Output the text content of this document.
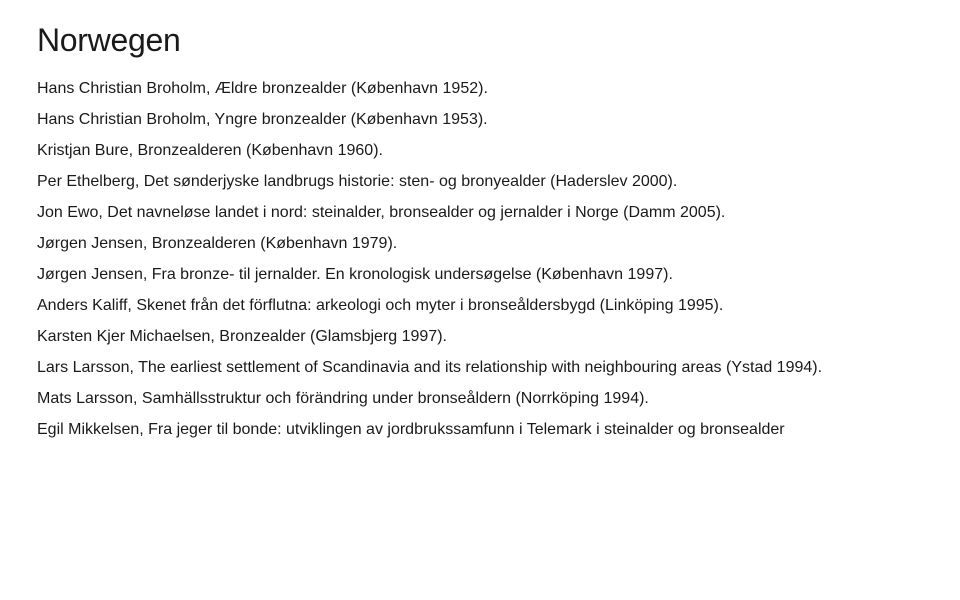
Norwegen
Hans Christian Broholm, Ældre bronzealder (København 1952).
Hans Christian Broholm, Yngre bronzealder (København 1953).
Kristjan Bure, Bronzealderen (København 1960).
Per Ethelberg, Det sønderjyske landbrugs historie: sten- og bronyealder (Haderslev 2000).
Jon Ewo, Det navneløse landet i nord: steinalder, bronsealder og jernalder i Norge (Damm 2005).
Jørgen Jensen, Bronzealderen (København 1979).
Jørgen Jensen, Fra bronze- til jernalder. En kronologisk undersøgelse (København 1997).
Anders Kaliff, Skenet från det förflutna: arkeologi och myter i bronseåldersbygd (Linköping 1995).
Karsten Kjer Michaelsen, Bronzealder (Glamsbjerg 1997).
Lars Larsson, The earliest settlement of Scandinavia and its relationship with neighbouring areas (Ystad 1994).
Mats Larsson, Samhällsstruktur och förändring under bronseåldern (Norrköping 1994).
Egil Mikkelsen, Fra jeger til bonde: utviklingen av jordbrukssamfunn i Telemark i steinalder og bronsealder
